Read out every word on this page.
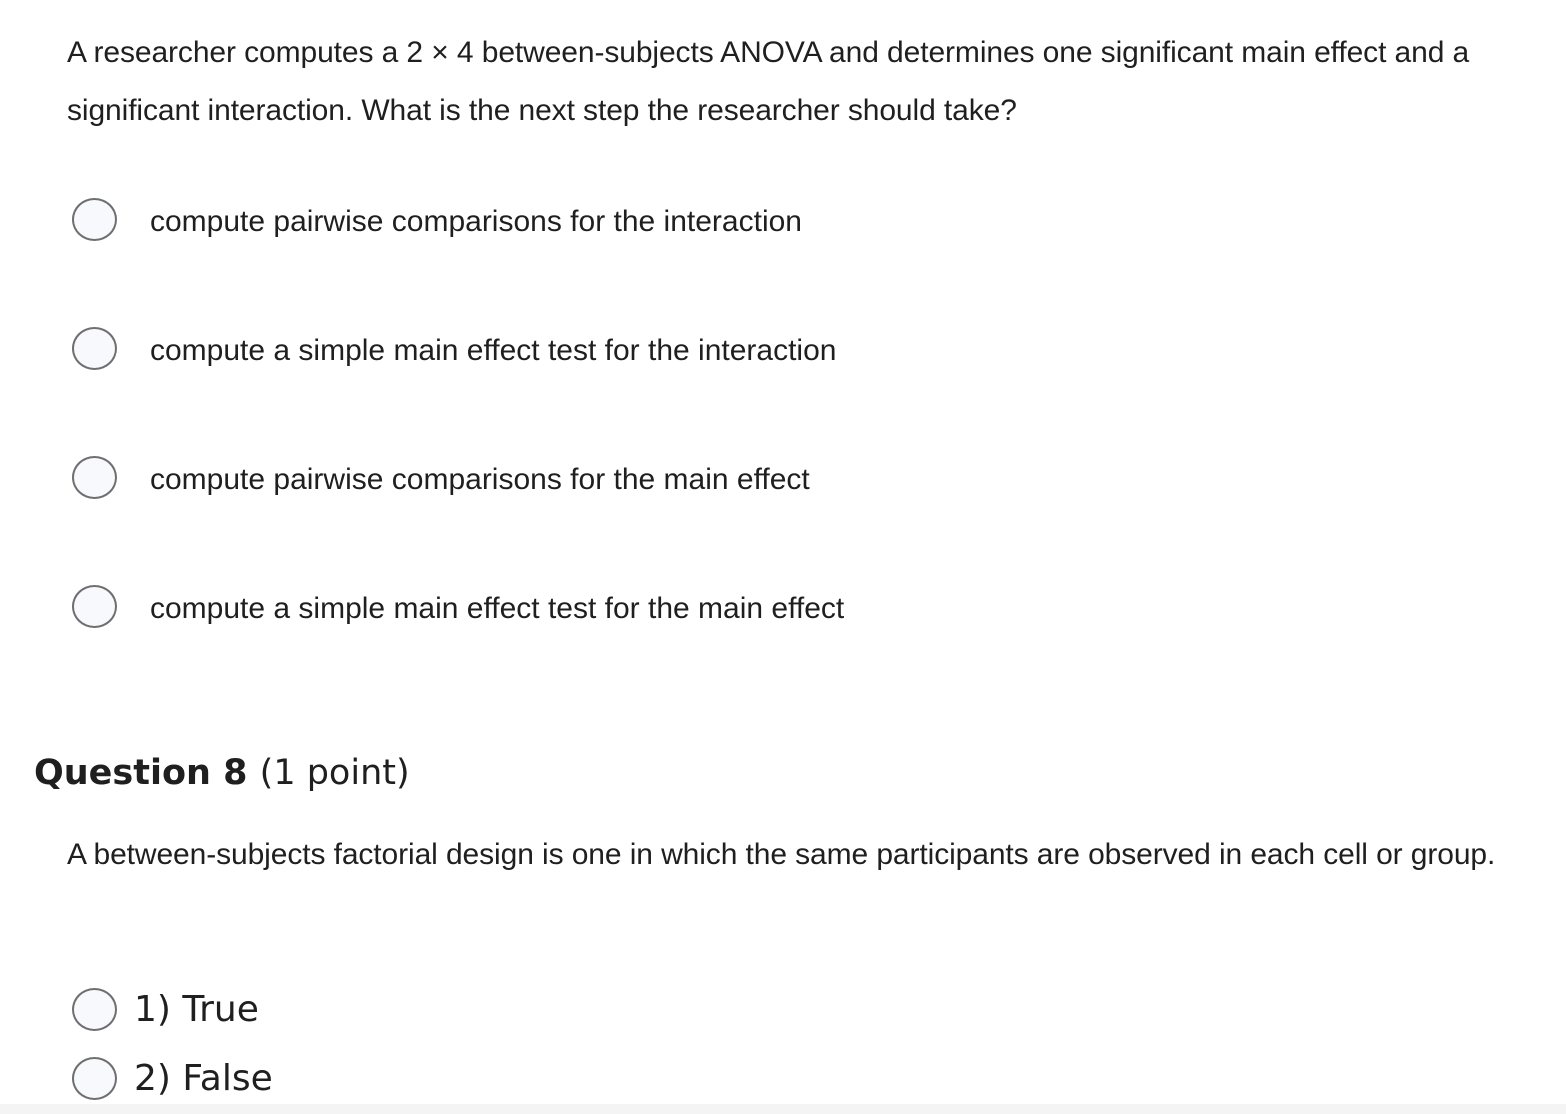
A researcher computes a 2 × 4 between-subjects ANOVA and determines one significant main effect and a significant interaction. What is the next step the researcher should take?

compute pairwise comparisons for the interaction
compute a simple main effect test for the interaction
compute pairwise comparisons for the main effect
compute a simple main effect test for the main effect
Question 8 (1 point)

A between-subjects factorial design is one in which the same participants are observed in each cell or group.

1) True
2) False
